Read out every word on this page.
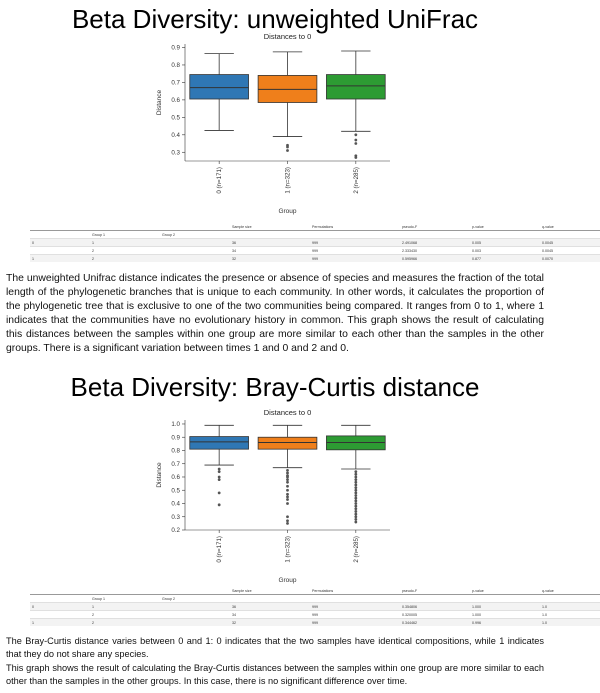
Beta Diversity: unweighted UniFrac
Distances to 0
0.3
0.4
0.5
0.6
0.7
0.8
0.9
Distance
0 (n=171)	1 (n=323)	2 (n=285)
Group
			Sample size	Permutations	pseudo-F	p-value	q-value
	Group 1	Group 2					
0	1		36	999	2.491068	0.005	0.0045
	2		34	999	2.333430	0.003	0.0045
1	2		32	999	0.595966	0.877	0.0070

The unweighted Unifrac distance indicates the presence or absence of species and measures the fraction of the total length of the phylogenetic branches that is unique to each community. In other words, it calculates the proportion of the phylogenetic tree that is exclusive to one of the two communities being compared. It ranges from 0 to 1, where 1 indicates that the communities have no evolutionary history in common. This graph shows the result of calculating this distances between the samples within one group are more similar to each other than the samples in the other groups. There is a significant variation between times 1 and 0 and 2 and 0.

Beta Diversity: Bray-Curtis distance
Distances to 0
0.2
0.3
0.4
0.5
0.6
0.7
0.8
0.9
1.0
Distance
0 (n=171)	1 (n=323)	2 (n=285)
Group
			Sample size	Permutations	pseudo-F	p-value	q-value
	Group 1	Group 2					
0	1		36	999	0.354806	1.000	1.0
	2		34	999	0.320005	1.000	1.0
1	2		32	999	0.344462	0.996	1.0

The Bray-Curtis distance varies between 0 and 1: 0 indicates that the two samples have identical compositions, while 1 indicates that they do not share any species.

This graph shows the result of calculating the Bray-Curtis distances between the samples within one group are more similar to each other than the samples in the other groups. In this case, there is no significant difference over time.
